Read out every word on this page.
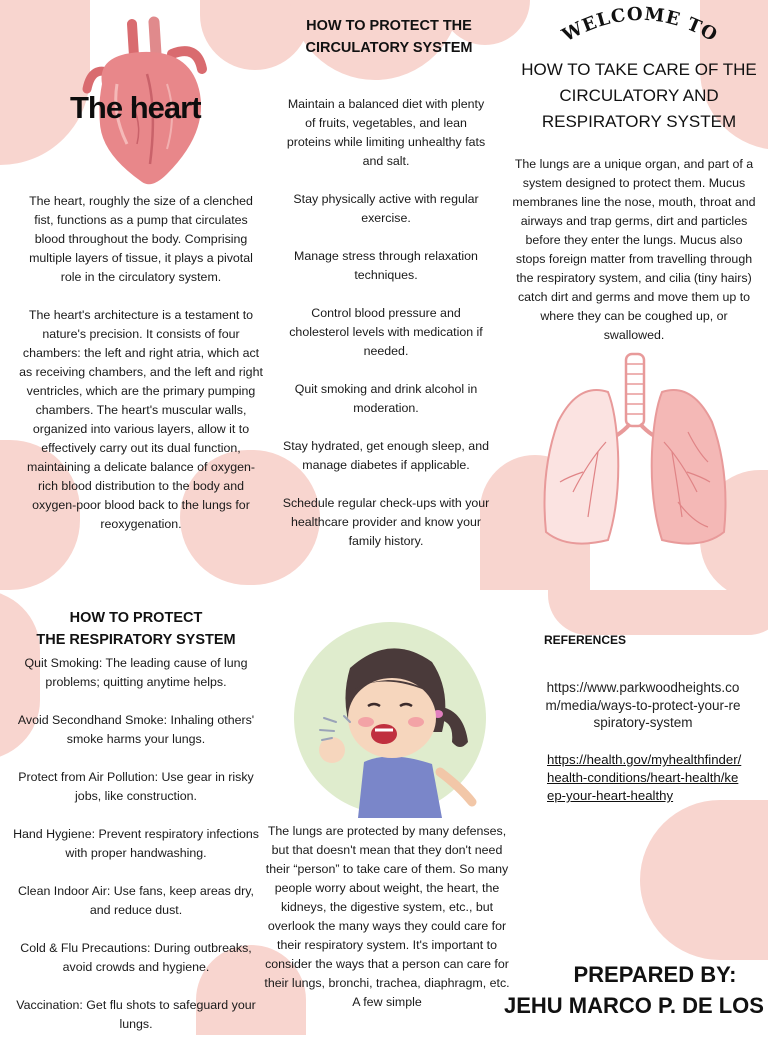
The heart

The heart, roughly the size of a clenched fist, functions as a pump that circulates blood throughout the body. Comprising multiple layers of tissue, it plays a pivotal role in the circulatory system.

The heart's architecture is a testament to nature's precision. It consists of four chambers: the left and right atria, which act as receiving chambers, and the left and right ventricles, which are the primary pumping chambers. The heart's muscular walls, organized into various layers, allow it to effectively carry out its dual function, maintaining a delicate balance of oxygen-rich blood distribution to the body and oxygen-poor blood back to the lungs for reoxygenation.

HOW TO PROTECT THE
CIRCULATORY SYSTEM

Maintain a balanced diet with plenty of fruits, vegetables, and lean proteins while limiting unhealthy fats and salt.

Stay physically active with regular exercise.

Manage stress through relaxation techniques.

Control blood pressure and cholesterol levels with medication if needed.

Quit smoking and drink alcohol in moderation.

Stay hydrated, get enough sleep, and manage diabetes if applicable.

Schedule regular check-ups with your healthcare provider and know your family history.

WELCOME TO
HOW TO TAKE CARE OF THE CIRCULATORY AND RESPIRATORY SYSTEM
The lungs are a unique organ, and part of a system designed to protect them. Mucus membranes line the nose, mouth, throat and airways and trap germs, dirt and particles before they enter the lungs. Mucus also stops foreign matter from travelling through the respiratory system, and cilia (tiny hairs) catch dirt and germs and move them up to where they can be coughed up, or swallowed.
HOW TO PROTECT
THE RESPIRATORY SYSTEM

Quit Smoking: The leading cause of lung problems; quitting anytime helps.

Avoid Secondhand Smoke: Inhaling others' smoke harms your lungs.

Protect from Air Pollution: Use gear in risky jobs, like construction.

Hand Hygiene: Prevent respiratory infections with proper handwashing.

Clean Indoor Air: Use fans, keep areas dry, and reduce dust.

Cold & Flu Precautions: During outbreaks, avoid crowds and hygiene.

Vaccination: Get flu shots to safeguard your lungs.

The lungs are protected by many defenses, but that doesn't mean that they don't need their “person” to take care of them. So many people worry about weight, the heart, the kidneys, the digestive system, etc., but overlook the many ways they could care for their respiratory system. It's important to consider the ways that a person can care for their lungs, bronchi, trachea, diaphragm, etc. A few simple
REFERENCES
https://www.parkwoodheights.com/media/ways-to-protect-your-respiratory-system
https://health.gov/myhealthfinder/health-conditions/heart-health/keep-your-heart-healthy
PREPARED BY:
JEHU MARCO P. DE LOS
